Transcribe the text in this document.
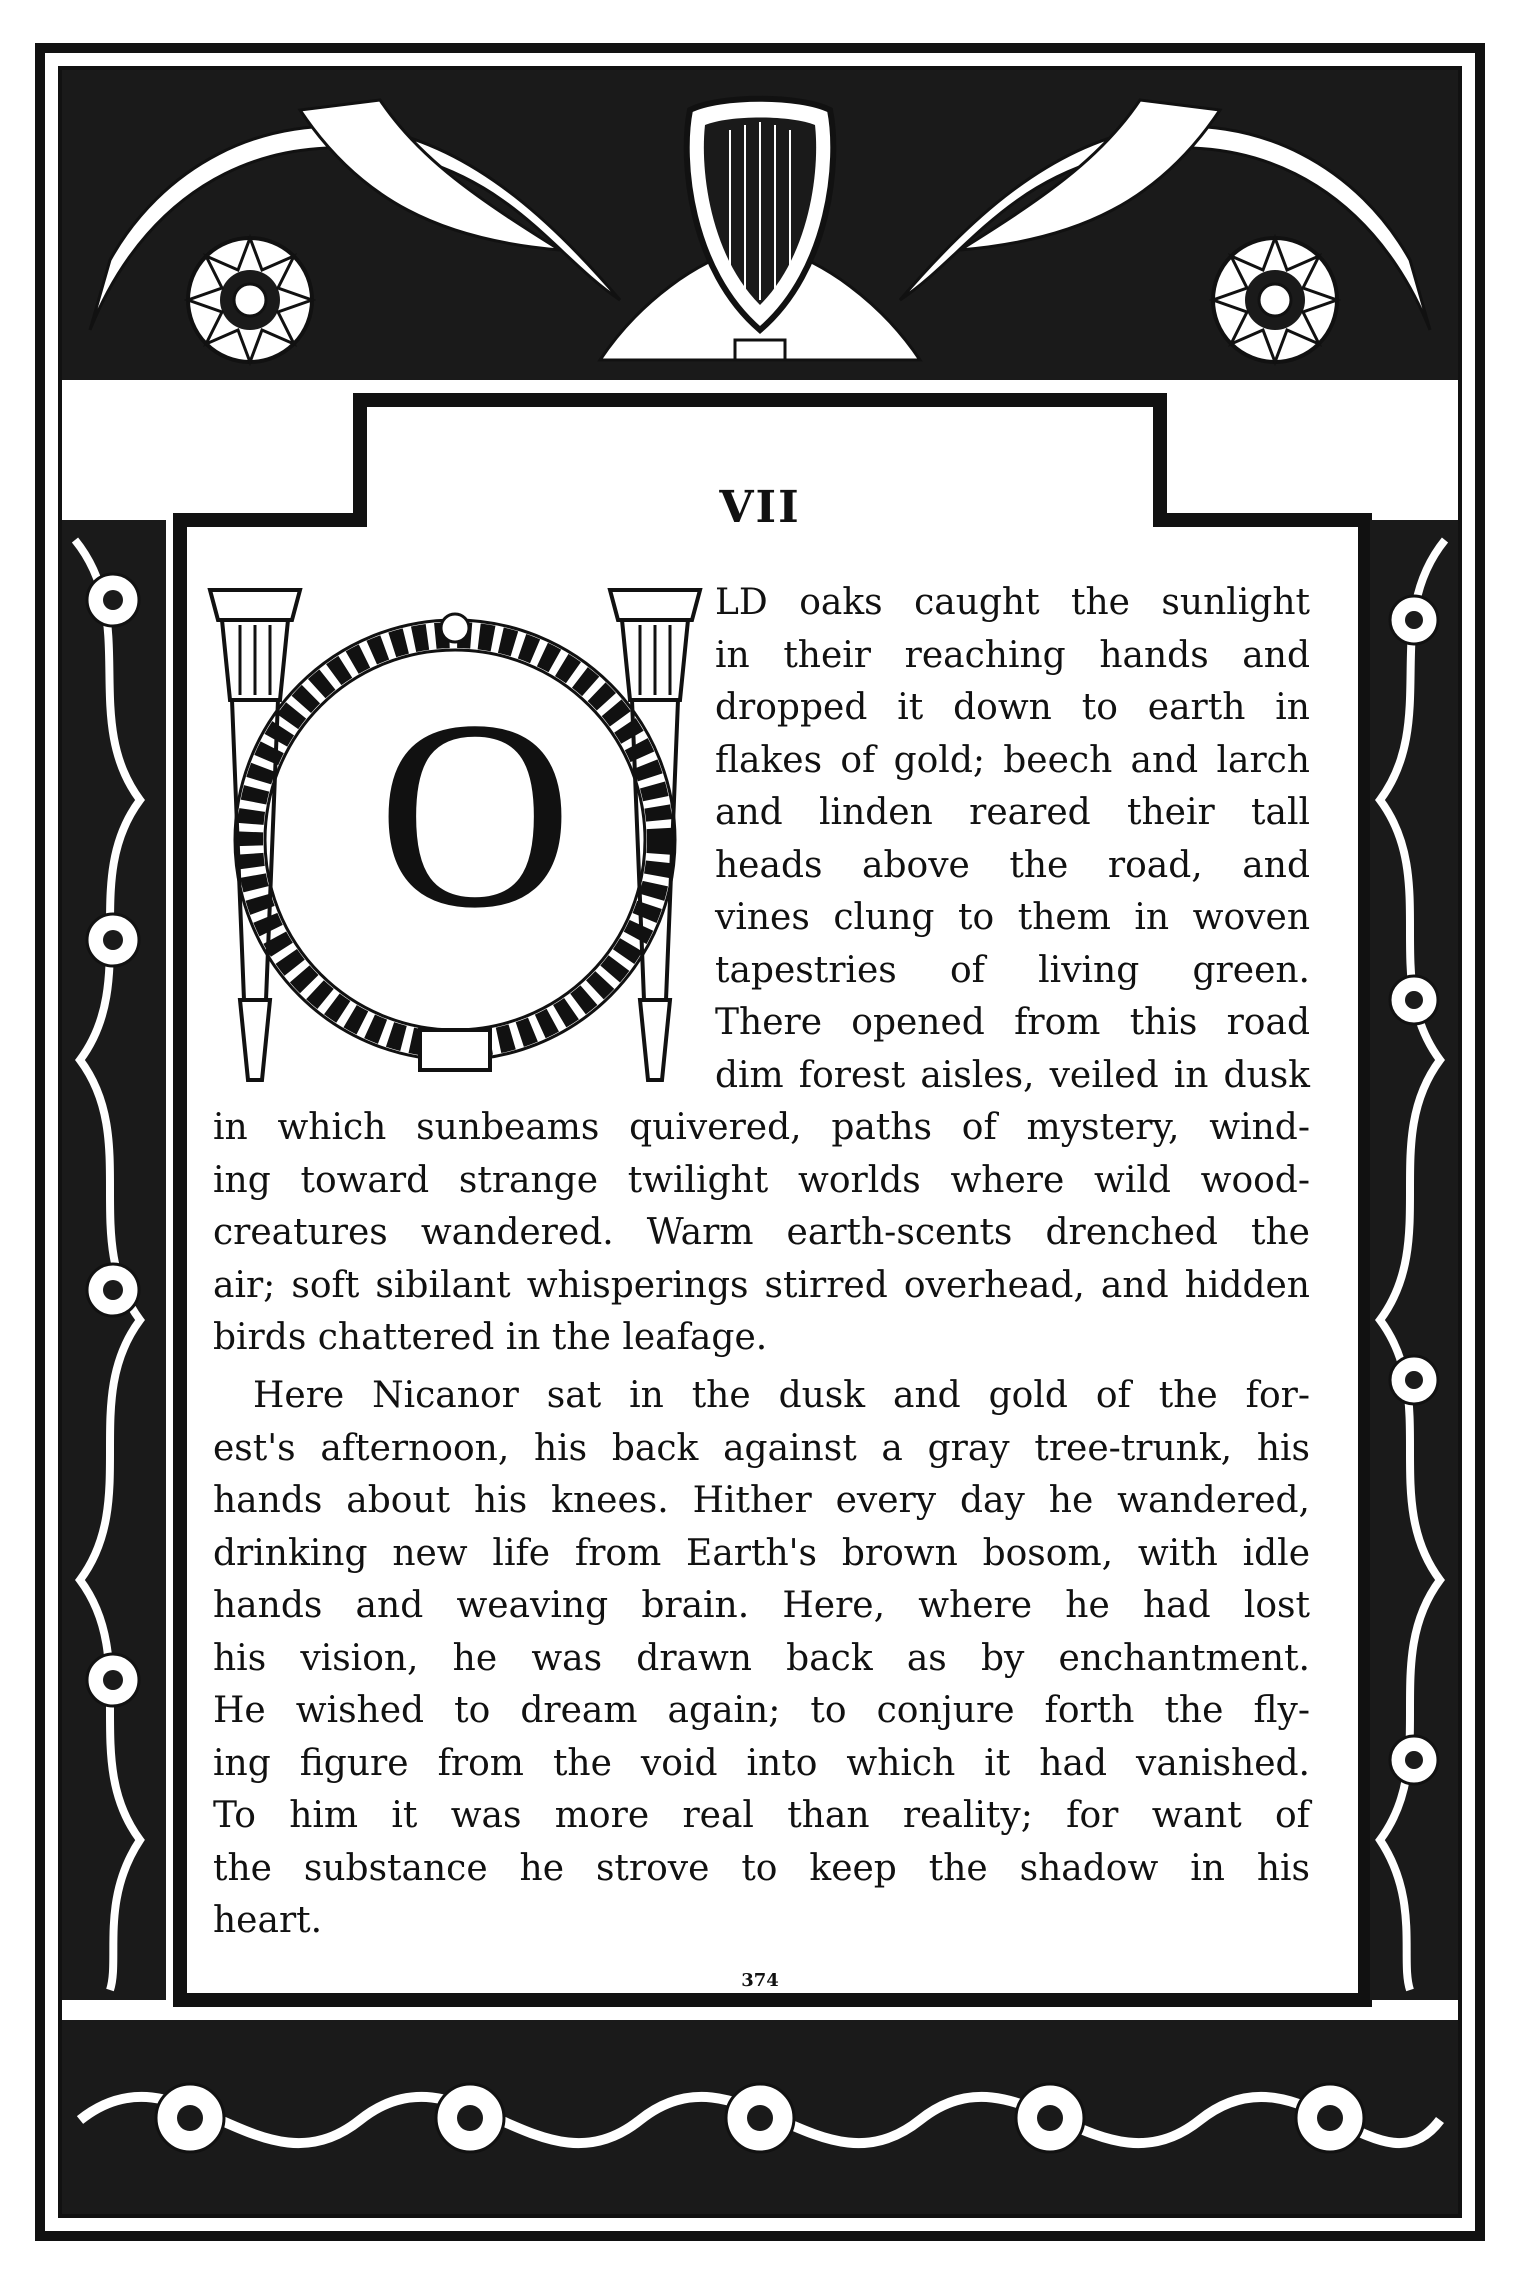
VII
O
LD oaks caught the sunlight
in their reaching hands and
dropped it down to earth in
flakes of gold; beech and larch
and linden reared their tall
heads above the road, and
vines clung to them in woven
tapestries of living green.
There opened from this road
dim forest aisles, veiled in dusk
in which sunbeams quivered, paths of mystery, wind-
ing toward strange twilight worlds where wild wood-
creatures wandered. Warm earth-scents drenched the
air; soft sibilant whisperings stirred overhead, and hidden
birds chattered in the leafage.
Here Nicanor sat in the dusk and gold of the for-
est's afternoon, his back against a gray tree-trunk, his
hands about his knees. Hither every day he wandered,
drinking new life from Earth's brown bosom, with idle
hands and weaving brain. Here, where he had lost
his vision, he was drawn back as by enchantment.
He wished to dream again; to conjure forth the fly-
ing figure from the void into which it had vanished.
To him it was more real than reality; for want of
the substance he strove to keep the shadow in his
heart.
374
